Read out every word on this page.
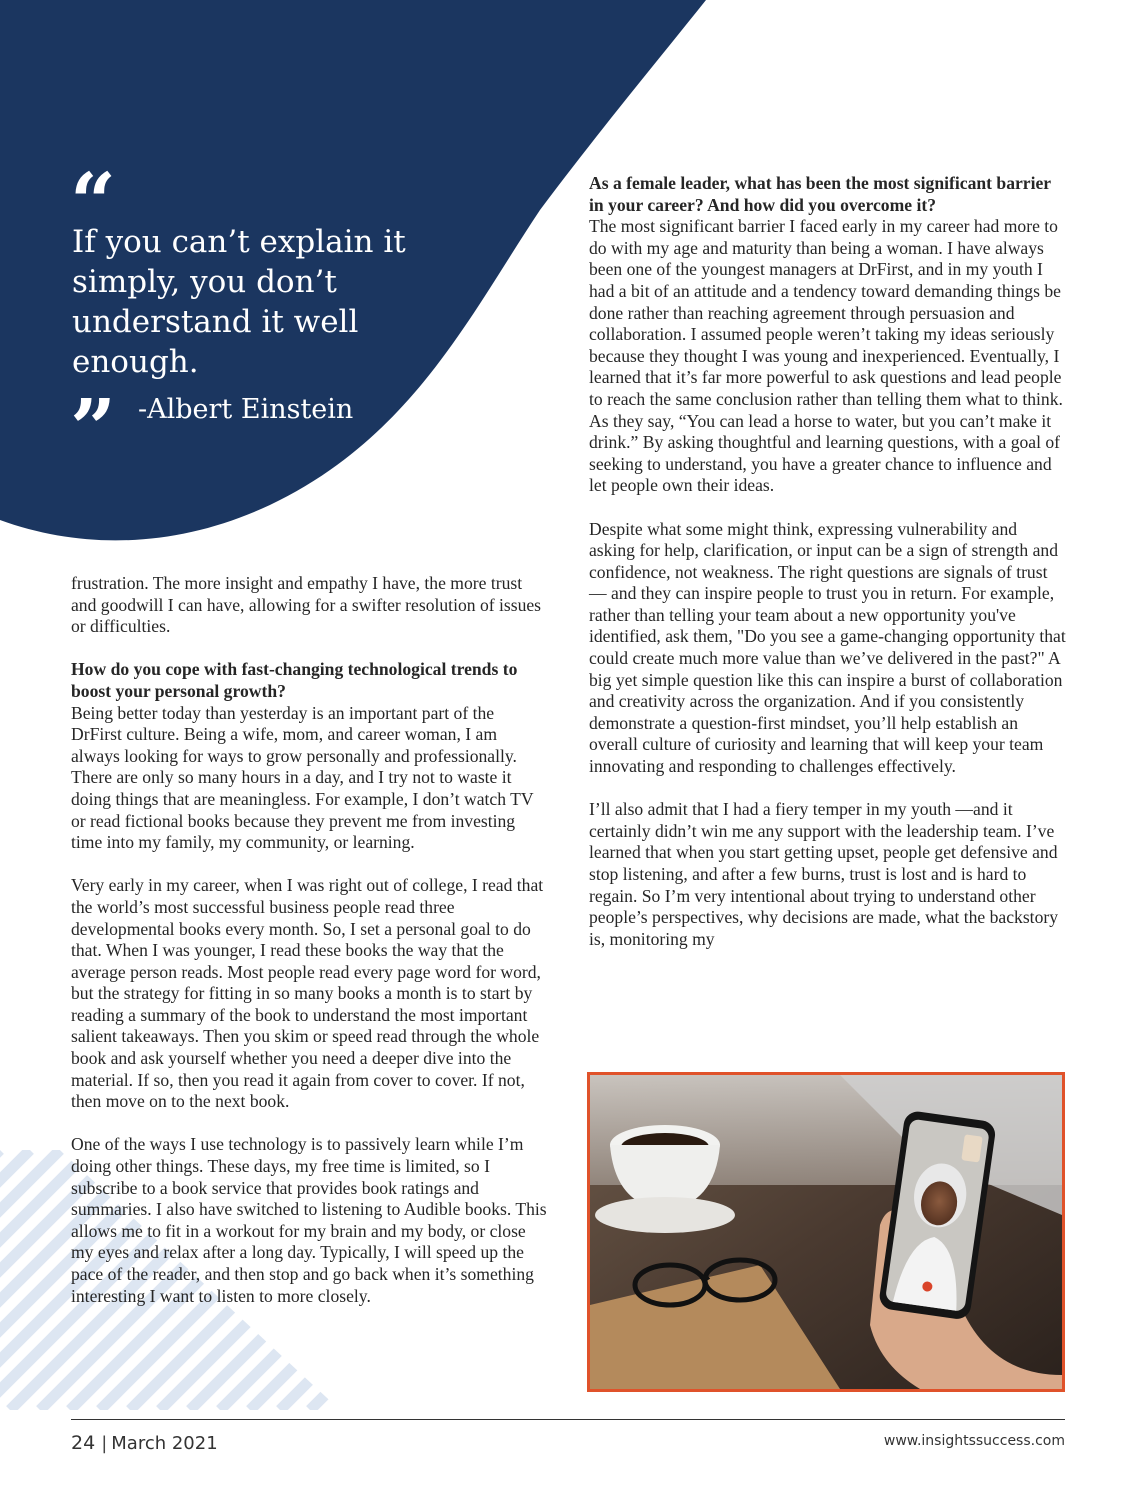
“
If you can’t explain it simply, you don’t understand it well enough.
” -Albert Einstein

frustration. The more insight and empathy I have, the more trust and goodwill I can have, allowing for a swifter resolution of issues or difficulties.

How do you cope with fast-changing technological trends to boost your personal growth?
Being better today than yesterday is an important part of the DrFirst culture. Being a wife, mom, and career woman, I am always looking for ways to grow personally and professionally. There are only so many hours in a day, and I try not to waste it doing things that are meaningless. For example, I don’t watch TV or read fictional books because they prevent me from investing time into my family, my community, or learning.

Very early in my career, when I was right out of college, I read that the world’s most successful business people read three developmental books every month. So, I set a personal goal to do that. When I was younger, I read these books the way that the average person reads. Most people read every page word for word, but the strategy for fitting in so many books a month is to start by reading a summary of the book to understand the most important salient takeaways. Then you skim or speed read through the whole book and ask yourself whether you need a deeper dive into the material. If so, then you read it again from cover to cover. If not, then move on to the next book.

One of the ways I use technology is to passively learn while I’m doing other things. These days, my free time is limited, so I subscribe to a book service that provides book ratings and summaries. I also have switched to listening to Audible books. This allows me to fit in a workout for my brain and my body, or close my eyes and relax after a long day. Typically, I will speed up the pace of the reader, and then stop and go back when it’s something interesting I want to listen to more closely.

As a female leader, what has been the most significant barrier in your career? And how did you overcome it?
The most significant barrier I faced early in my career had more to do with my age and maturity than being a woman. I have always been one of the youngest managers at DrFirst, and in my youth I had a bit of an attitude and a tendency toward demanding things be done rather than reaching agreement through persuasion and collaboration. I assumed people weren’t taking my ideas seriously because they thought I was young and inexperienced. Eventually, I learned that it’s far more powerful to ask questions and lead people to reach the same conclusion rather than telling them what to think. As they say, “You can lead a horse to water, but you can’t make it drink.” By asking thoughtful and learning questions, with a goal of seeking to understand, you have a greater chance to influence and let people own their ideas.

Despite what some might think, expressing vulnerability and asking for help, clarification, or input can be a sign of strength and confidence, not weakness. The right questions are signals of trust — and they can inspire people to trust you in return. For example, rather than telling your team about a new opportunity you've identified, ask them, "Do you see a game-changing opportunity that could create much more value than we’ve delivered in the past?" A big yet simple question like this can inspire a burst of collaboration and creativity across the organization. And if you consistently demonstrate a question-first mindset, you’ll help establish an overall culture of curiosity and learning that will keep your team innovating and responding to challenges effectively.

I’ll also admit that I had a fiery temper in my youth —and it certainly didn’t win me any support with the leadership team. I’ve learned that when you start getting upset, people get defensive and stop listening, and after a few burns, trust is lost and is hard to regain. So I’m very intentional about trying to understand other people’s perspectives, why decisions are made, what the backstory is, monitoring my

24 | March 2021	www.insightssuccess.com
